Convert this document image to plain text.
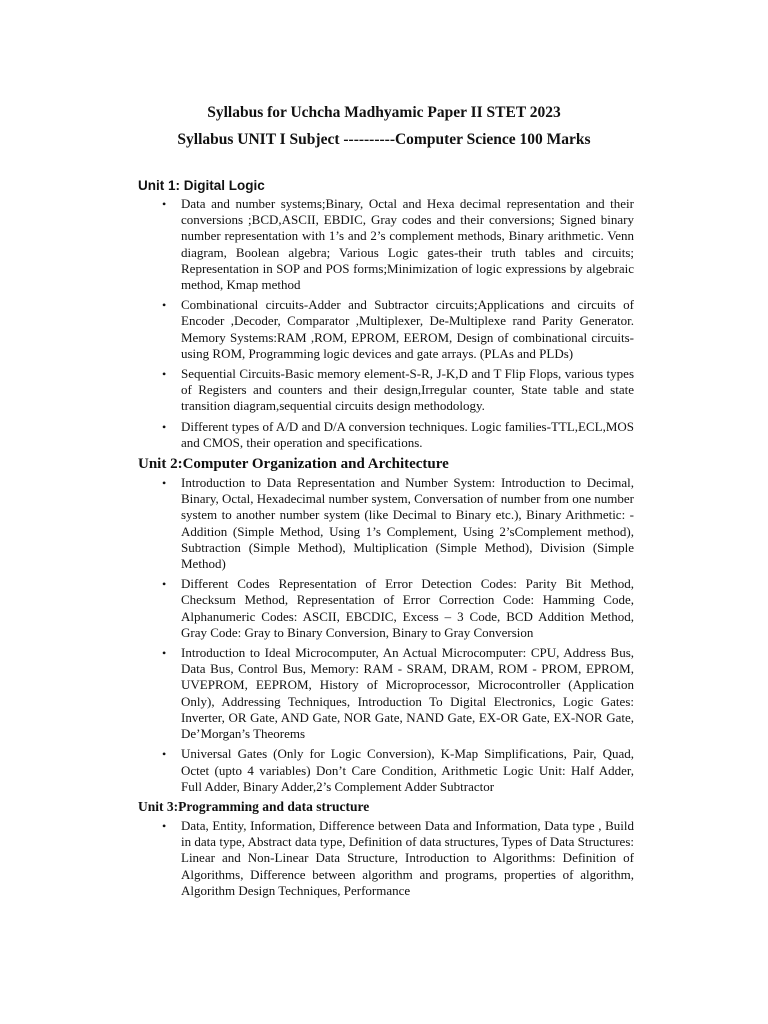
Syllabus for Uchcha Madhyamic Paper II STET 2023
Syllabus UNIT I Subject ----------Computer Science 100 Marks
Unit 1: Digital Logic
• Data and number systems;Binary, Octal and Hexa decimal representation and their conversions ;BCD,ASCII, EBDIC, Gray codes and their conversions; Signed binary number representation with 1’s and 2’s complement methods, Binary arithmetic. Venn diagram, Boolean algebra; Various Logic gates-their truth tables and circuits; Representation in SOP and POS forms;Minimization of logic expressions by algebraic method, Kmap method
• Combinational circuits-Adder and Subtractor circuits;Applications and circuits of Encoder ,Decoder, Comparator ,Multiplexer, De-Multiplexe rand Parity Generator. Memory Systems:RAM ,ROM, EPROM, EEROM, Design of combinational circuits-using ROM, Programming logic devices and gate arrays. (PLAs and PLDs)
• Sequential Circuits-Basic memory element-S-R, J-K,D and T Flip Flops, various types of Registers and counters and their design,Irregular counter, State table and state transition diagram,sequential circuits design methodology.
• Different types of A/D and D/A conversion techniques. Logic families-TTL,ECL,MOS and CMOS, their operation and specifications.
Unit 2:Computer Organization and Architecture
• Introduction to Data Representation and Number System: Introduction to Decimal, Binary, Octal, Hexadecimal number system, Conversation of number from one number system to another number system (like Decimal to Binary etc.), Binary Arithmetic: - Addition (Simple Method, Using 1’s Complement, Using 2’sComplement method), Subtraction (Simple Method), Multiplication (Simple Method), Division (Simple Method)
• Different Codes Representation of Error Detection Codes: Parity Bit Method, Checksum Method, Representation of Error Correction Code: Hamming Code, Alphanumeric Codes: ASCII, EBCDIC, Excess – 3 Code, BCD Addition Method, Gray Code: Gray to Binary Conversion, Binary to Gray Conversion
• Introduction to Ideal Microcomputer, An Actual Microcomputer: CPU, Address Bus, Data Bus, Control Bus, Memory: RAM - SRAM, DRAM, ROM - PROM, EPROM, UVEPROM, EEPROM, History of Microprocessor, Microcontroller (Application Only), Addressing Techniques, Introduction To Digital Electronics, Logic Gates: Inverter, OR Gate, AND Gate, NOR Gate, NAND Gate, EX-OR Gate, EX-NOR Gate, De’Morgan’s Theorems
• Universal Gates (Only for Logic Conversion), K-Map Simplifications, Pair, Quad, Octet (upto 4 variables) Don’t Care Condition, Arithmetic Logic Unit: Half Adder, Full Adder, Binary Adder,2’s Complement Adder Subtractor
Unit 3:Programming and data structure
• Data, Entity, Information, Difference between Data and Information, Data type , Build in data type, Abstract data type, Definition of data structures, Types of Data Structures: Linear and Non-Linear Data Structure, Introduction to Algorithms: Definition of Algorithms, Difference between algorithm and programs, properties of algorithm, Algorithm Design Techniques, Performance
